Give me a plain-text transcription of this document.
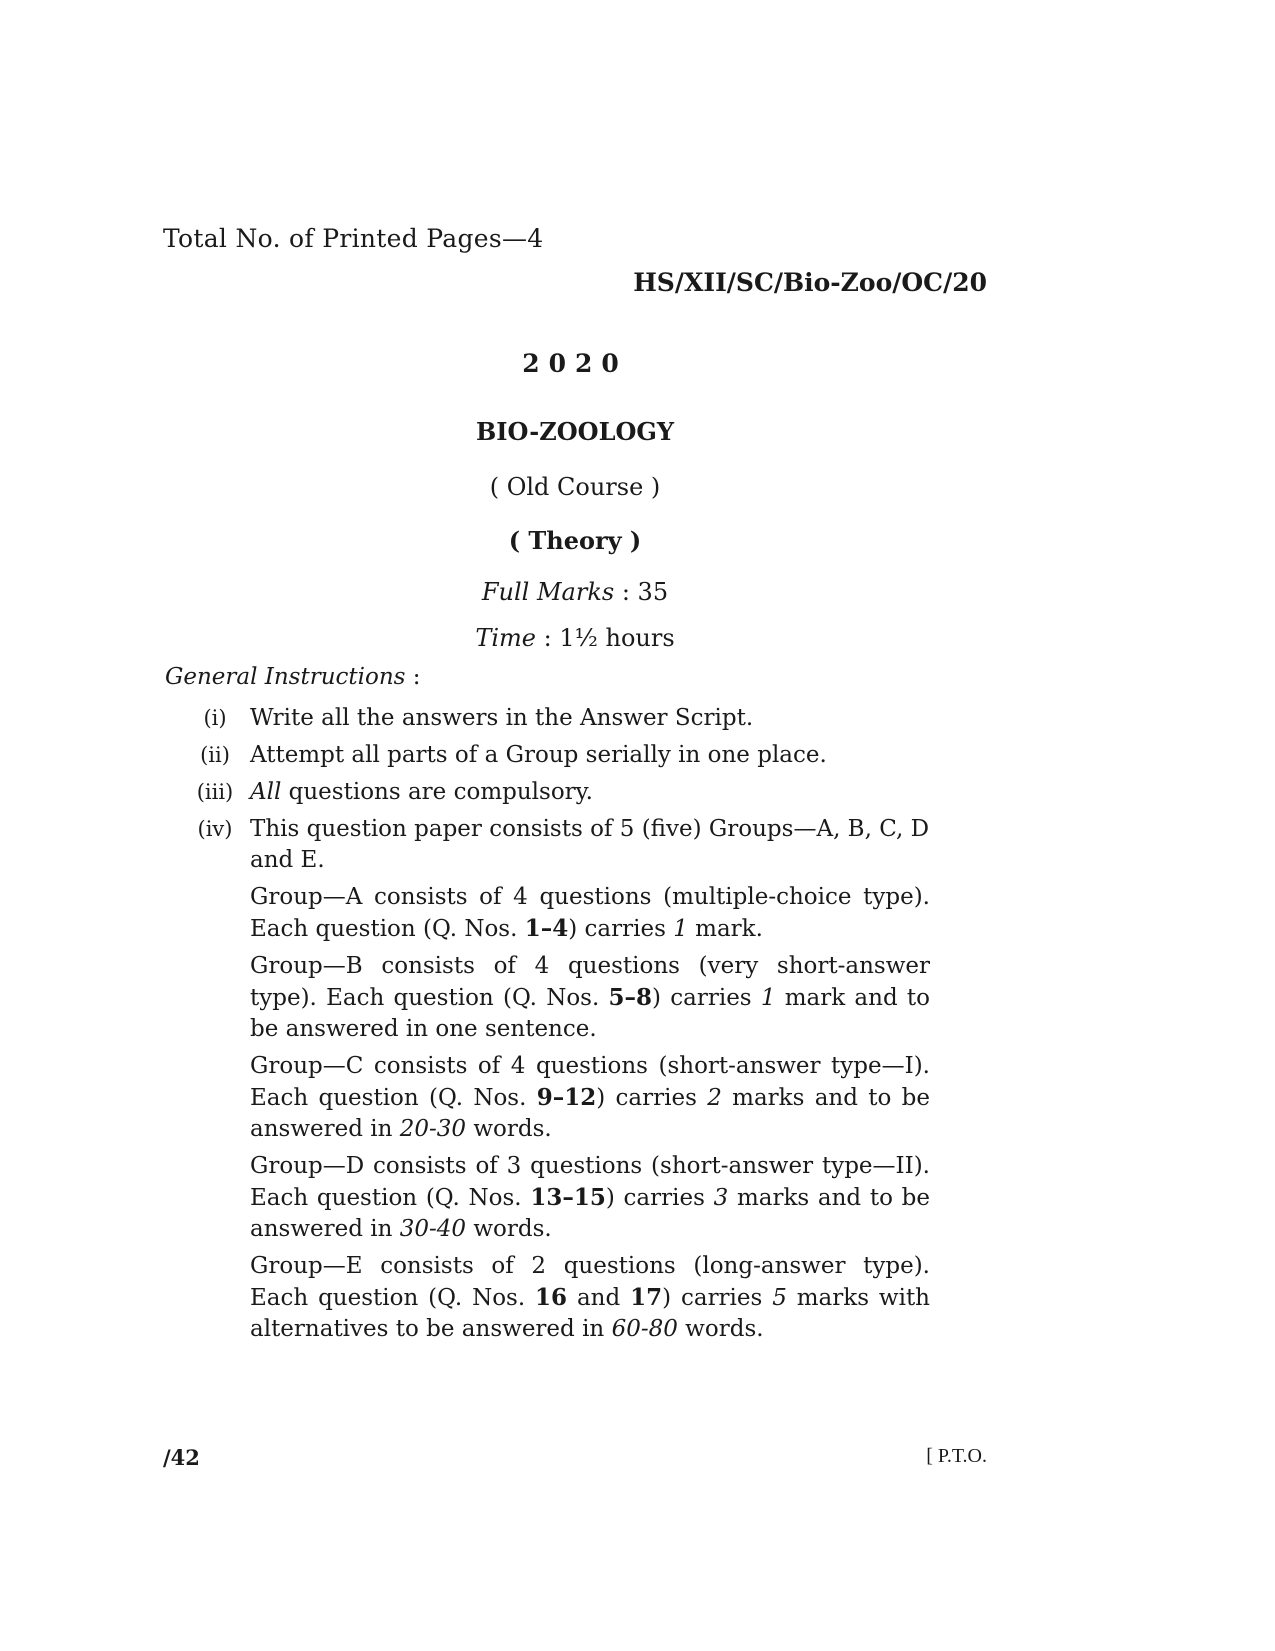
Total No. of Printed Pages—4
HS/XII/SC/Bio-Zoo/OC/20
2020
BIO-ZOOLOGY
( Old Course )
( Theory )
Full Marks : 35
Time : 1½ hours
General Instructions :
(i)	Write all the answers in the Answer Script.
(ii) Attempt all parts of a Group serially in one place.
(iii) All questions are compulsory.
(iv) This question paper consists of 5 (five) Groups—A, B, C, D and E.
Group—A consists of 4 questions (multiple-choice type). Each question (Q. Nos. 1–4) carries 1 mark.
Group—B consists of 4 questions (very short-answer type). Each question (Q. Nos. 5–8) carries 1 mark and to be answered in one sentence.
Group—C consists of 4 questions (short-answer type—I). Each question (Q. Nos. 9–12) carries 2 marks and to be answered in 20-30 words.
Group—D consists of 3 questions (short-answer type—II). Each question (Q. Nos. 13–15) carries 3 marks and to be answered in 30-40 words.
Group—E consists of 2 questions (long-answer type). Each question (Q. Nos. 16 and 17) carries 5 marks with alternatives to be answered in 60-80 words.
/42	[ P.T.O.
